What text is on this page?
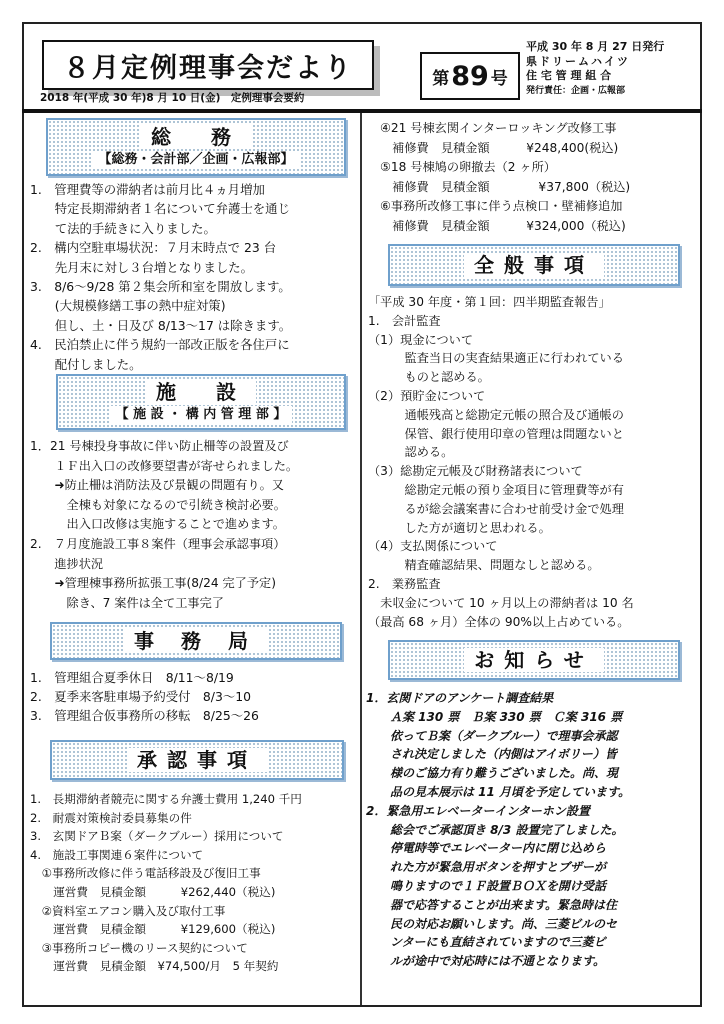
８月定例理事会だより
2018 年(平成 30 年)8 月 10 日(金)　定例理事会要約
第 89 号
平成 30 年 8 月 27 日発行
県ドリームハイツ
住 宅 管 理 組 合
発行責任：企画・広報部
総　務
【総務・会計部／企画・広報部】
1.　管理費等の滞納者は前月比４ヵ月増加
　　特定長期滞納者１名について弁護士を通じ
　　て法的手続きに入りました。
2.　構内空駐車場状況：７月末時点で 23 台
　　先月末に対し３台増となりました。
3.　8/6～9/28 第２集会所和室を開放します。
　　(大規模修繕工事の熱中症対策)
　　但し、土・日及び 8/13～17 は除きます。
4.　民泊禁止に伴う規約一部改正版を各住戸に
　　配付しました。
施　設
【 施 設 ・ 構 内 管 理 部 】
1．21 号棟投身事故に伴い防止柵等の設置及び
　　１Ｆ出入口の改修要望書が寄せられました。
　　➜防止柵は消防法及び景観の問題有り。又
　　　全棟も対象になるので引続き検討必要。
　　　出入口改修は実施することで進めます。
2.　７月度施設工事８案件（理事会承認事項）
　　進捗状況
　　➜管理棟事務所拡張工事(8/24 完了予定)
　　　除き、7 案件は全て工事完了
事 務 局
1.　管理組合夏季休日　8/11～8/19
2.　夏季来客駐車場予約受付　8/3～10
3.　管理組合仮事務所の移転　8/25～26
承認事項
1.　長期滞納者競売に関する弁護士費用 1,240 千円
2.　耐震対策検討委員募集の件
3.　玄関ドアＢ案（ダークブルー）採用について
4.　施設工事関連６案件について
　①事務所改修に伴う電話移設及び復旧工事
　　運営費　見積金額　　　¥262,440（税込)
　②資料室エアコン購入及び取付工事
　　運営費　見積金額　　　¥129,600（税込)
　③事務所コピー機のリース契約について
　　運営費　見積金額　¥74,500/月　5 年契約
④21 号棟玄関インターロッキング改修工事
　補修費　見積金額　　　¥248,400(税込)
⑤18 号棟鳩の卵撤去（2 ヶ所）
　補修費　見積金額　　　　¥37,800（税込)
⑥事務所改修工事に伴う点検口・壁補修追加
　補修費　見積金額　　　¥324,000（税込)
全般事項
「平成 30 年度・第１回：四半期監査報告」
1.　会計監査
（1）現金について
　　　監査当日の実査結果適正に行われている
　　　ものと認める。
（2）預貯金について
　　　通帳残高と総勘定元帳の照合及び通帳の
　　　保管、銀行使用印章の管理は問題ないと
　　　認める。
（3）総勘定元帳及び財務諸表について
　　　総勘定元帳の預り金項目に管理費等が有
　　　るが総会議案書に合わせ前受け金で処理
　　　した方が適切と思われる。
（4）支払関係について
　　　精査確認結果、問題なしと認める。
2.　業務監査
　未収金について 10 ヶ月以上の滞納者は 10 名
（最高 68 ヶ月）全体の 90%以上占めている。
お知らせ
1．玄関ドアのアンケート調査結果
　　Ａ案 130 票　Ｂ案 330 票　Ｃ案 316 票
　　依ってＢ案（ダークブルー）で理事会承認
　　され決定しました（内側はアイボリー）皆
　　様のご協力有り難うございました。尚、現
　　品の見本展示は 11 月頃を予定しています。
2．緊急用エレベーターインターホン設置
　　総会でご承認頂き 8/3 設置完了しました。
　　停電時等でエレベーター内に閉じ込めら
　　れた方が緊急用ボタンを押すとブザーが
　　鳴りますので１Ｆ設置ＢＯＸを開け受話
　　器で応答することが出来ます。緊急時は住
　　民の対応お願いします。尚、三菱ビルのセ
　　ンターにも直結されていますので三菱ビ
　　ルが途中で対応時には不通となります。
